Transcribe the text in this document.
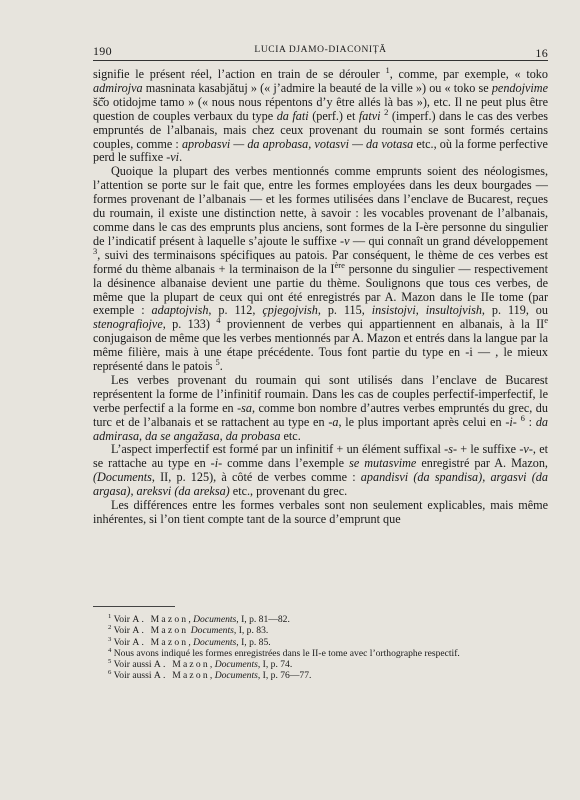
190	LUCIA DJAMO-DIACONIȚĂ	16

signifie le présent réel, l’action en train de se dérouler $^1$, comme, par exemple, « toko admirojva masninata kasabjătuj » (« j’admire la beauté de la ville ») ou « toko se pendojvime šč̌o otidojme tamo » (« nous nous répentons d’y être allés là bas »), etc. Il ne peut plus être question de couples verbaux du type da fati (perf.) et fatvi $^2$ (imperf.) dans le cas des verbes empruntés de l’albanais, mais chez ceux provenant du roumain se sont formés certains couples, comme : aprobasvi — da aprobasa, votasvi — da votasa etc., où la forme perfective perd le suffixe -vi.

Quoique la plupart des verbes mentionnés comme emprunts soient des néologismes, l’attention se porte sur le fait que, entre les formes employées dans les deux bourgades — formes provenant de l’albanais — et les formes utilisées dans l’enclave de Bucarest, reçues du roumain, il existe une distinction nette, à savoir : les vocables provenant de l’albanais, comme dans le cas des emprunts plus anciens, sont formes de la I-ère personne du singulier de l’indicatif présent à laquelle s’ajoute le suffixe -v — qui connaît un grand développement $^3$, suivi des terminaisons spécifiques au patois. Par conséquent, le thème de ces verbes est formé du thème albanais + la terminaison de la Ière personne du singulier — respectivement la désinence albanaise devient une partie du thème. Soulignons que tous ces verbes, de même que la plupart de ceux qui ont été enregistrés par A. Mazon dans le IIe tome (par exemple : adaptojvish, p. 112, çpjegojvish, p. 115, insistojvi, insultojvish, p. 119, ou stenografiojve, p. 133) $^4$ proviennent de verbes qui appartiennent en albanais, à la IIe conjugaison de même que les verbes mentionnés par A. Mazon et entrés dans la langue par la même filière, mais à une étape précédente. Tous font partie du type en -i — , le mieux représenté dans le patois $^5$.

Les verbes provenant du roumain qui sont utilisés dans l’enclave de Bucarest représentent la forme de l’infinitif roumain. Dans les cas de couples perfectif-imperfectif, le verbe perfectif a la forme en -sa, comme bon nombre d’autres verbes empruntés du grec, du turc et de l’albanais et se rattachent au type en -a, le plus important après celui en -i- $^6$ : da admirasa, da se angažasa, da probasa etc.

L’aspect imperfectif est formé par un infinitif + un élément suffixal -s- + le suffixe -v-, et se rattache au type en -i- comme dans l’exemple se mutasvime enregistré par A. Mazon, (Documents, II, p. 125), à côté de verbes comme : apandisvi (da spandisa), argasvi (da argasa), areksvi (da areksa) etc., provenant du grec.

Les différences entre les formes verbales sont non seulement explicables, mais même inhérentes, si l’on tient compte tant de la source d’emprunt que

$^1$ Voir A. Mazon, Documents, I, p. 81—82.
$^2$ Voir A. Mazon Documents, I, p. 83.
$^3$ Voir A. Mazon, Documents, I, p. 85.
$^4$ Nous avons indiqué les formes enregistrées dans le II-e tome avec l’orthographe respectif.
$^5$ Voir aussi A. Mazon, Documents, I, p. 74.
$^6$ Voir aussi A. Mazon, Documents, I, p. 76—77.
